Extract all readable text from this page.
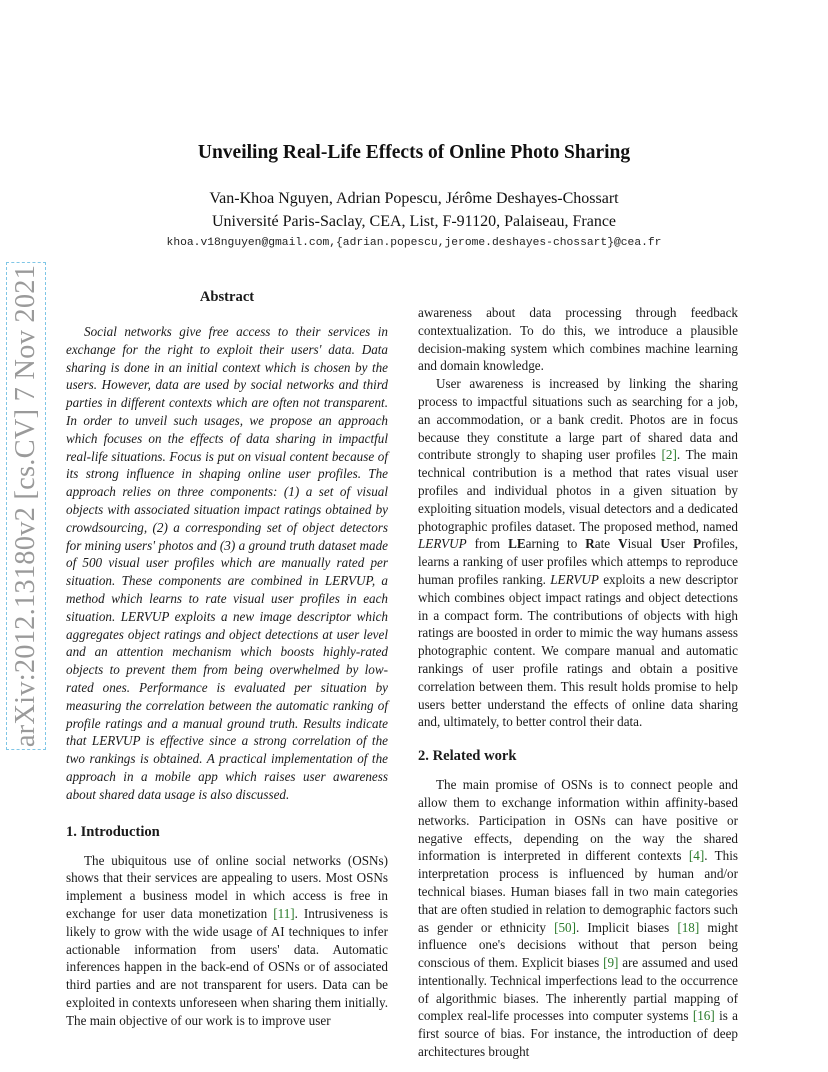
arXiv:2012.13180v2 [cs.CV] 7 Nov 2021
Unveiling Real-Life Effects of Online Photo Sharing
Van-Khoa Nguyen, Adrian Popescu, Jérôme Deshayes-Chossart
Université Paris-Saclay, CEA, List, F-91120, Palaiseau, France
khoa.v18nguyen@gmail.com,{adrian.popescu,jerome.deshayes-chossart}@cea.fr
Abstract

Social networks give free access to their services in exchange for the right to exploit their users' data. Data sharing is done in an initial context which is chosen by the users. However, data are used by social networks and third parties in different contexts which are often not transparent. In order to unveil such usages, we propose an approach which focuses on the effects of data sharing in impactful real-life situations. Focus is put on visual content because of its strong influence in shaping online user profiles. The approach relies on three components: (1) a set of visual objects with associated situation impact ratings obtained by crowdsourcing, (2) a corresponding set of object detectors for mining users' photos and (3) a ground truth dataset made of 500 visual user profiles which are manually rated per situation. These components are combined in LERVUP, a method which learns to rate visual user profiles in each situation. LERVUP exploits a new image descriptor which aggregates object ratings and object detections at user level and an attention mechanism which boosts highly-rated objects to prevent them from being overwhelmed by low-rated ones. Performance is evaluated per situation by measuring the correlation between the automatic ranking of profile ratings and a manual ground truth. Results indicate that LERVUP is effective since a strong correlation of the two rankings is obtained. A practical implementation of the approach in a mobile app which raises user awareness about shared data usage is also discussed.

1. Introduction

The ubiquitous use of online social networks (OSNs) shows that their services are appealing to users. Most OSNs implement a business model in which access is free in exchange for user data monetization [11]. Intrusiveness is likely to grow with the wide usage of AI techniques to infer actionable information from users' data. Automatic inferences happen in the back-end of OSNs or of associated third parties and are not transparent for users. Data can be exploited in contexts unforeseen when sharing them initially. The main objective of our work is to improve user

awareness about data processing through feedback contextualization. To do this, we introduce a plausible decision-making system which combines machine learning and domain knowledge.

User awareness is increased by linking the sharing process to impactful situations such as searching for a job, an accommodation, or a bank credit. Photos are in focus because they constitute a large part of shared data and contribute strongly to shaping user profiles [2]. The main technical contribution is a method that rates visual user profiles and individual photos in a given situation by exploiting situation models, visual detectors and a dedicated photographic profiles dataset. The proposed method, named LERVUP from LEarning to Rate Visual User Profiles, learns a ranking of user profiles which attemps to reproduce human profiles ranking. LERVUP exploits a new descriptor which combines object impact ratings and object detections in a compact form. The contributions of objects with high ratings are boosted in order to mimic the way humans assess photographic content. We compare manual and automatic rankings of user profile ratings and obtain a positive correlation between them. This result holds promise to help users better understand the effects of online data sharing and, ultimately, to better control their data.

2. Related work

The main promise of OSNs is to connect people and allow them to exchange information within affinity-based networks. Participation in OSNs can have positive or negative effects, depending on the way the shared information is interpreted in different contexts [4]. This interpretation process is influenced by human and/or technical biases. Human biases fall in two main categories that are often studied in relation to demographic factors such as gender or ethnicity [50]. Implicit biases [18] might influence one's decisions without that person being conscious of them. Explicit biases [9] are assumed and used intentionally. Technical imperfections lead to the occurrence of algorithmic biases. The inherently partial mapping of complex real-life processes into computer systems [16] is a first source of bias. For instance, the introduction of deep architectures brought
